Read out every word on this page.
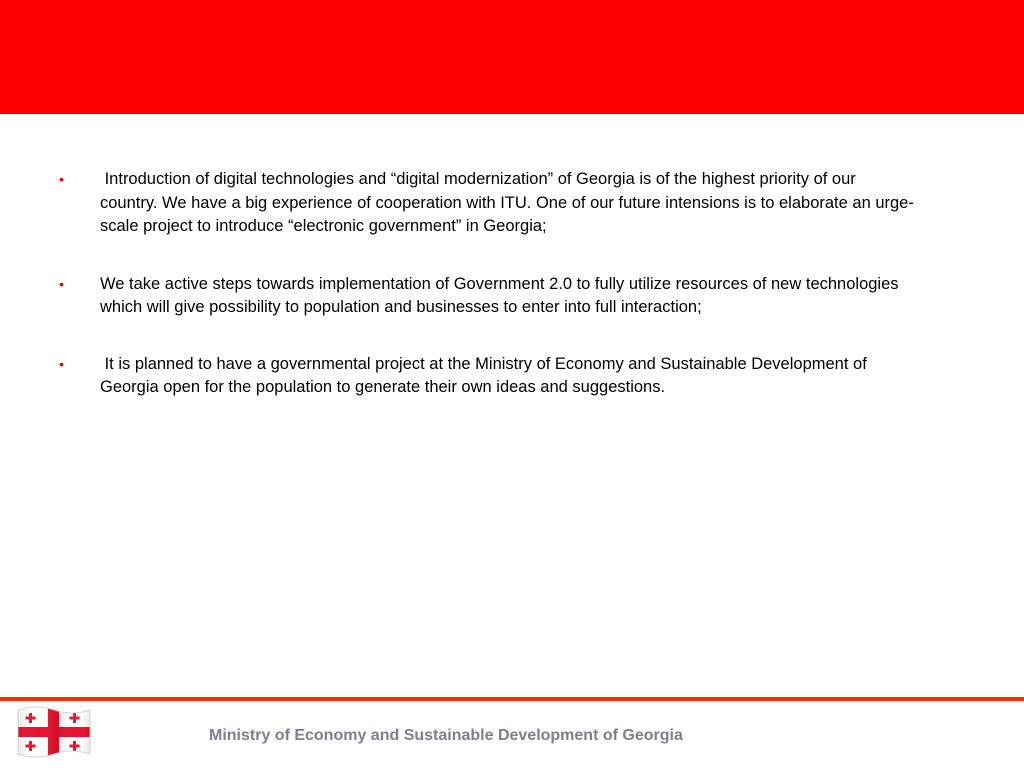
• Introduction of digital technologies and “digital modernization” of Georgia is of the highest priority of our country. We have a big experience of cooperation with ITU. One of our future intensions is to elaborate an urge-scale project to introduce “electronic government” in Georgia;
• We take active steps towards implementation of Government 2.0 to fully utilize resources of new technologies which will give possibility to population and businesses to enter into full interaction;
• It is planned to have a governmental project at the Ministry of Economy and Sustainable Development of Georgia open for the population to generate their own ideas and suggestions.
Ministry of Economy and Sustainable Development of Georgia
